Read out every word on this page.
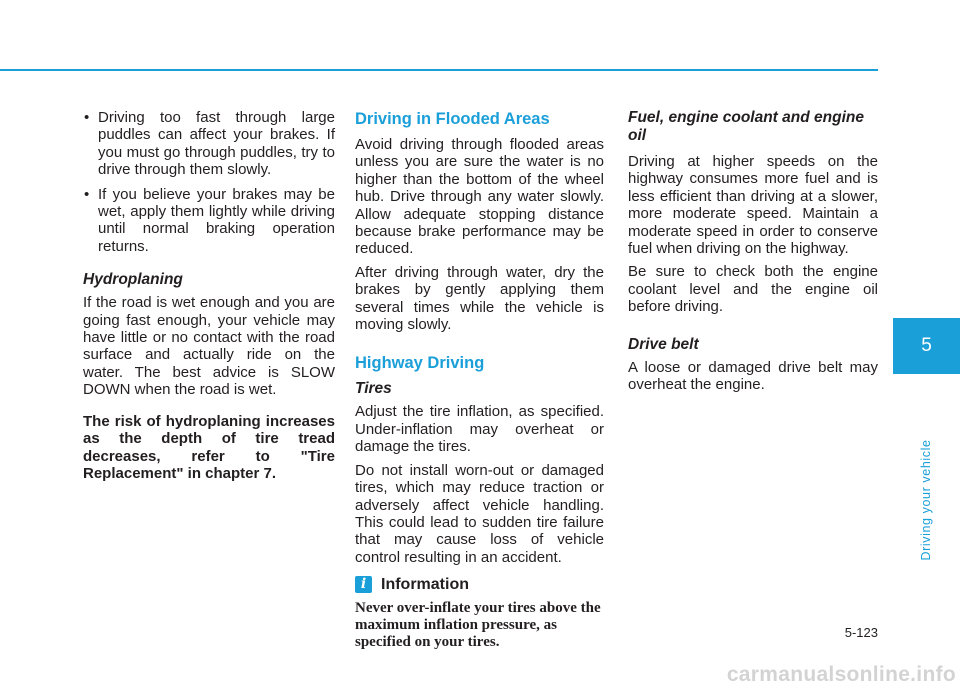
• Driving too fast through large puddles can affect your brakes. If you must go through puddles, try to drive through them slowly.
• If you believe your brakes may be wet, apply them lightly while driving until normal braking operation returns.
Hydroplaning

If the road is wet enough and you are going fast enough, your vehicle may have little or no contact with the road surface and actually ride on the water. The best advice is SLOW DOWN when the road is wet.

The risk of hydroplaning increases as the depth of tire tread decreases, refer to "Tire Replacement" in chapter 7.

Driving in Flooded Areas

Avoid driving through flooded areas unless you are sure the water is no higher than the bottom of the wheel hub. Drive through any water slowly. Allow adequate stopping distance because brake performance may be reduced.

After driving through water, dry the brakes by gently applying them several times while the vehicle is moving slowly.

Highway Driving
Tires

Adjust the tire inflation, as specified. Under-inflation may overheat or damage the tires.

Do not install worn-out or damaged tires, which may reduce traction or adversely affect vehicle handling. This could lead to sudden tire failure that may cause loss of vehicle control resulting in an accident.

i Information

Never over-inflate your tires above the maximum inflation pressure, as specified on your tires.

Fuel, engine coolant and engine oil

Driving at higher speeds on the highway consumes more fuel and is less efficient than driving at a slower, more moderate speed. Maintain a moderate speed in order to conserve fuel when driving on the highway.

Be sure to check both the engine coolant level and the engine oil before driving.

Drive belt

A loose or damaged drive belt may overheat the engine.

5
Driving your vehicle
5-123
carmanualsonline.info
